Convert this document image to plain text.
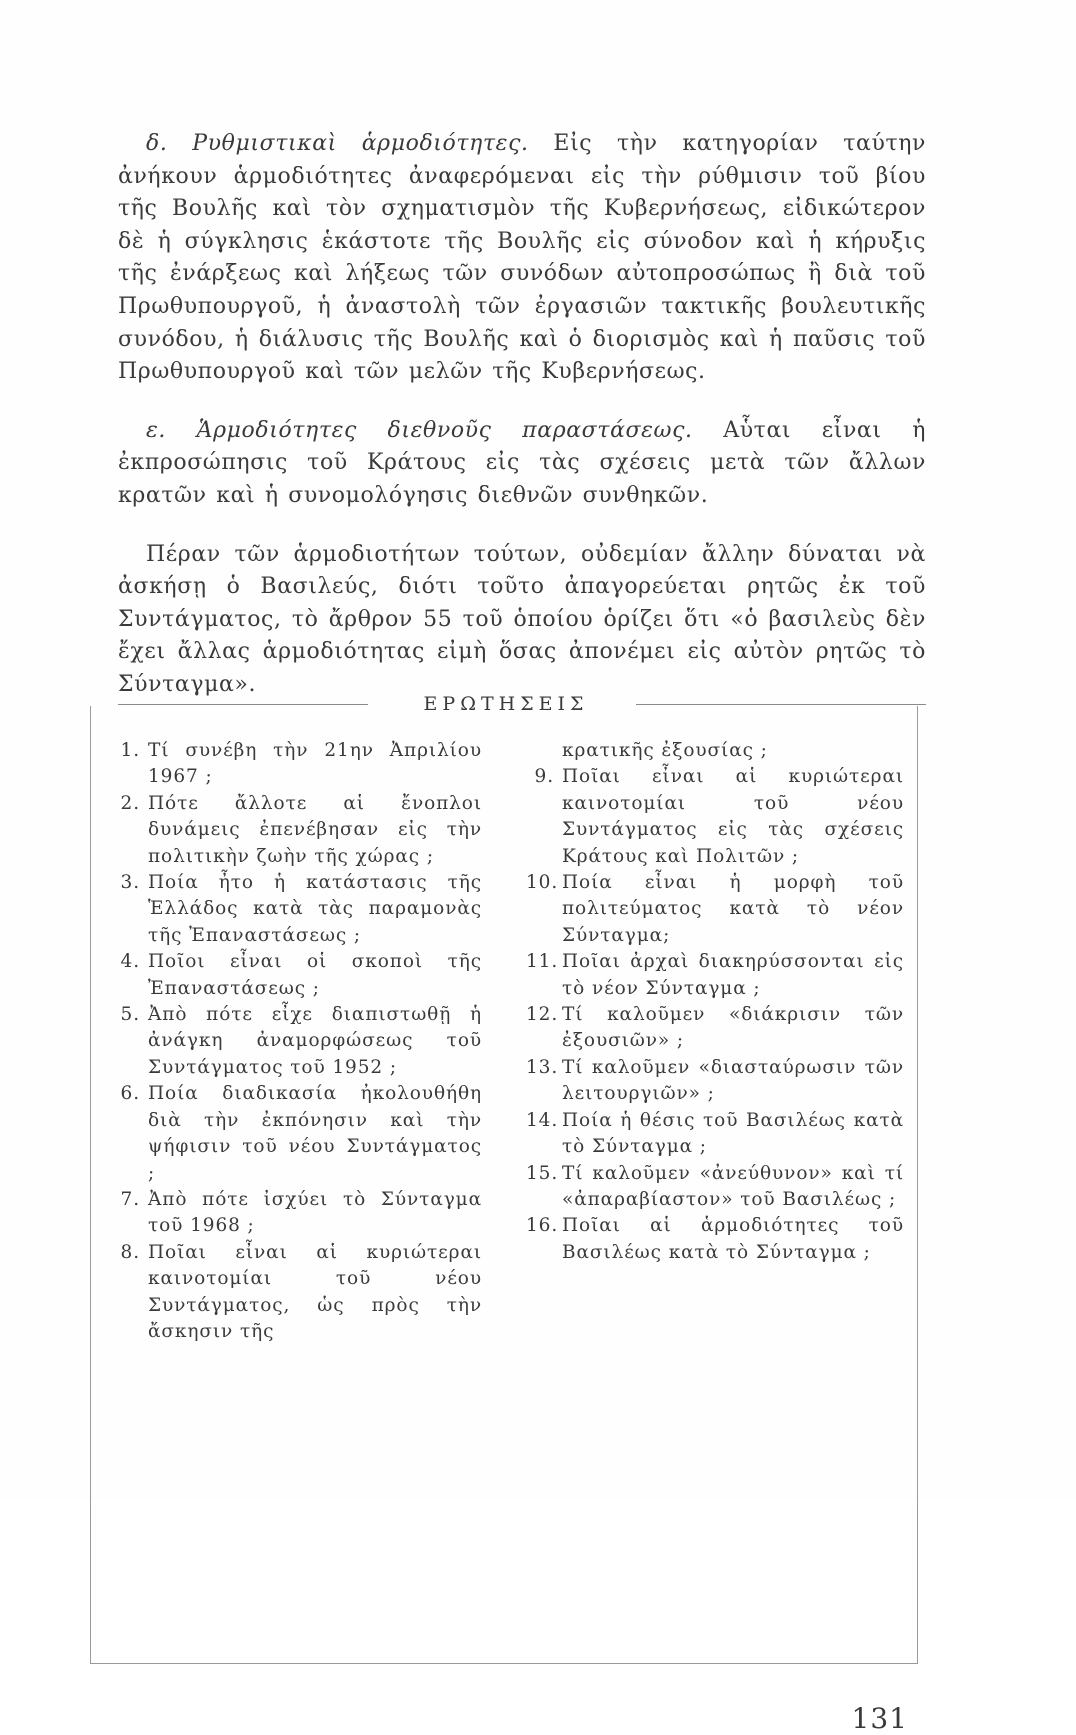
δ. Ρυθμιστικαὶ ἁρμοδιότητες. Εἰς τὴν κατηγορίαν ταύτην ἀνήκουν ἁρμοδιότητες ἀναφερόμεναι εἰς τὴν ρύθμισιν τοῦ βίου τῆς Βουλῆς καὶ τὸν σχηματισμὸν τῆς Κυβερνήσεως, εἰδικώτερον δὲ ἡ σύγκλησις ἑκάστοτε τῆς Βουλῆς εἰς σύνοδον καὶ ἡ κήρυξις τῆς ἐνάρξεως καὶ λήξεως τῶν συνόδων αὐτοπροσώπως ἢ διὰ τοῦ Πρωθυπουργοῦ, ἡ ἀναστολὴ τῶν ἐργασιῶν τακτικῆς βουλευτικῆς συνόδου, ἡ διάλυσις τῆς Βουλῆς καὶ ὁ διορισμὸς καὶ ἡ παῦσις τοῦ Πρωθυπουργοῦ καὶ τῶν μελῶν τῆς Κυβερνήσεως.

ε. Ἁρμοδιότητες διεθνοῦς παραστάσεως. Αὗται εἶναι ἡ ἐκπροσώπησις τοῦ Κράτους εἰς τὰς σχέσεις μετὰ τῶν ἄλλων κρατῶν καὶ ἡ συνομολόγησις διεθνῶν συνθηκῶν.

Πέραν τῶν ἁρμοδιοτήτων τούτων, οὐδεμίαν ἄλλην δύναται νὰ ἀσκήσῃ ὁ Βασιλεύς, διότι τοῦτο ἀπαγορεύεται ρητῶς ἐκ τοῦ Συντάγματος, τὸ ἄρθρον 55 τοῦ ὁποίου ὁρίζει ὅτι «ὁ βασιλεὺς δὲν ἔχει ἄλλας ἁρμοδιότητας εἰμὴ ὅσας ἀπονέμει εἰς αὐτὸν ρητῶς τὸ Σύνταγμα».

ΕΡΩΤΗΣΕΙΣ
1. Τί συνέβη τὴν 21ην Ἀπριλίου 1967 ;
2. Πότε ἄλλοτε αἱ ἔνοπλοι δυνάμεις ἐπενέβησαν εἰς τὴν πολιτικὴν ζωὴν τῆς χώρας ;
3. Ποία ἦτο ἡ κατάστασις τῆς Ἑλλάδος κατὰ τὰς παραμονὰς τῆς Ἐπαναστάσεως ;
4. Ποῖοι εἶναι οἱ σκοποὶ τῆς Ἐπαναστάσεως ;
5. Ἀπὸ πότε εἶχε διαπιστωθῇ ἡ ἀνάγκη ἀναμορφώσεως τοῦ Συντάγματος τοῦ 1952 ;
6. Ποία διαδικασία ἠκολουθήθη διὰ τὴν ἐκπόνησιν καὶ τὴν ψήφισιν τοῦ νέου Συντάγματος ;
7. Ἀπὸ πότε ἰσχύει τὸ Σύνταγμα τοῦ 1968 ;
8. Ποῖαι εἶναι αἱ κυριώτεραι καινοτομίαι τοῦ νέου Συντάγματος, ὡς πρὸς τὴν ἄσκησιν τῆς
κρατικῆς ἐξουσίας ;
9. Ποῖαι εἶναι αἱ κυριώτεραι καινοτομίαι τοῦ νέου Συντάγματος εἰς τὰς σχέσεις Κράτους καὶ Πολιτῶν ;
10. Ποία εἶναι ἡ μορφὴ τοῦ πολιτεύματος κατὰ τὸ νέον Σύνταγμα;
11. Ποῖαι ἀρχαὶ διακηρύσσονται εἰς τὸ νέον Σύνταγμα ;
12. Τί καλοῦμεν «διάκρισιν τῶν ἐξουσιῶν» ;
13. Τί καλοῦμεν «διασταύρωσιν τῶν λειτουργιῶν» ;
14. Ποία ἡ θέσις τοῦ Βασιλέως κατὰ τὸ Σύνταγμα ;
15. Τί καλοῦμεν «ἀνεύθυνον» καὶ τί «ἀπαραβίαστον» τοῦ Βασιλέως ;
16. Ποῖαι αἱ ἁρμοδιότητες τοῦ Βασιλέως κατὰ τὸ Σύνταγμα ;
131
